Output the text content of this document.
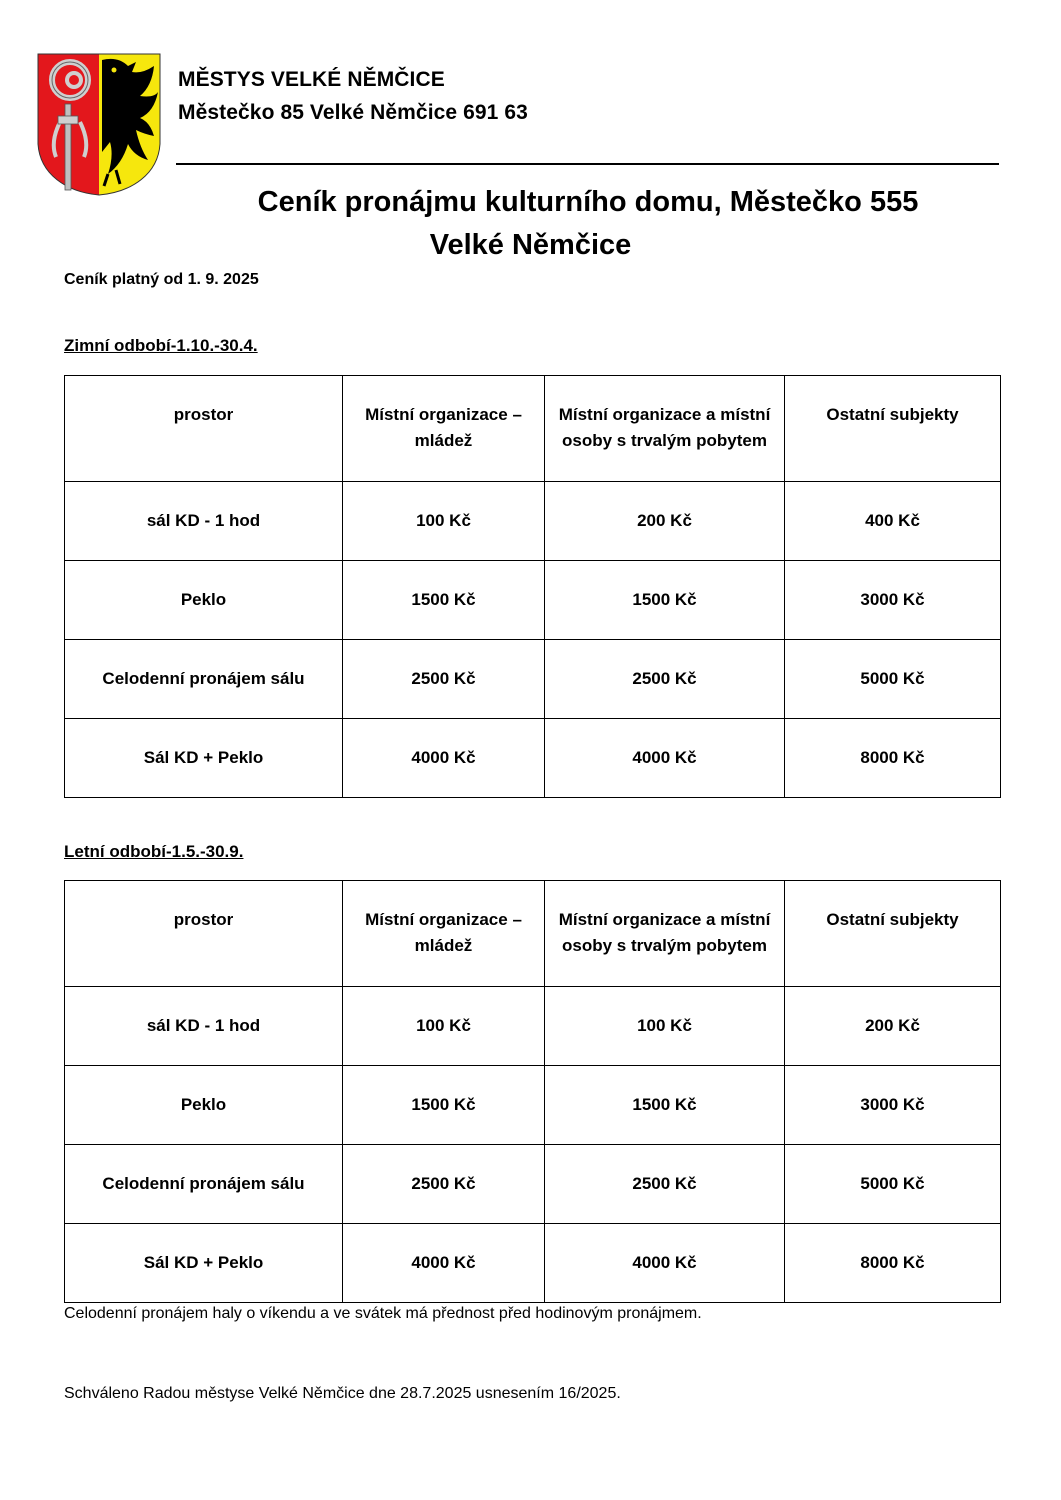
MĚSTYS VELKÉ NĚMČICE
Městečko 85 Velké Němčice 691 63
Ceník pronájmu kulturního domu, Městečko 555
Velké Němčice
Ceník platný od 1. 9. 2025
Zimní odbobí-1.10.-30.4.
prostor	Místní organizace – mládež	Místní organizace a místní osoby s trvalým pobytem	Ostatní subjekty
sál KD - 1 hod	100 Kč	200 Kč	400 Kč
Peklo	1500 Kč	1500 Kč	3000 Kč
Celodenní pronájem sálu	2500 Kč	2500 Kč	5000 Kč
Sál KD + Peklo	4000 Kč	4000 Kč	8000 Kč
Letní odbobí-1.5.-30.9.
prostor	Místní organizace – mládež	Místní organizace a místní osoby s trvalým pobytem	Ostatní subjekty
sál KD - 1 hod	100 Kč	100 Kč	200 Kč
Peklo	1500 Kč	1500 Kč	3000 Kč
Celodenní pronájem sálu	2500 Kč	2500 Kč	5000 Kč
Sál KD + Peklo	4000 Kč	4000 Kč	8000 Kč
Celodenní pronájem haly o víkendu a ve svátek má přednost před hodinovým pronájmem.
Schváleno Radou městyse Velké Němčice dne 28.7.2025 usnesením 16/2025.
